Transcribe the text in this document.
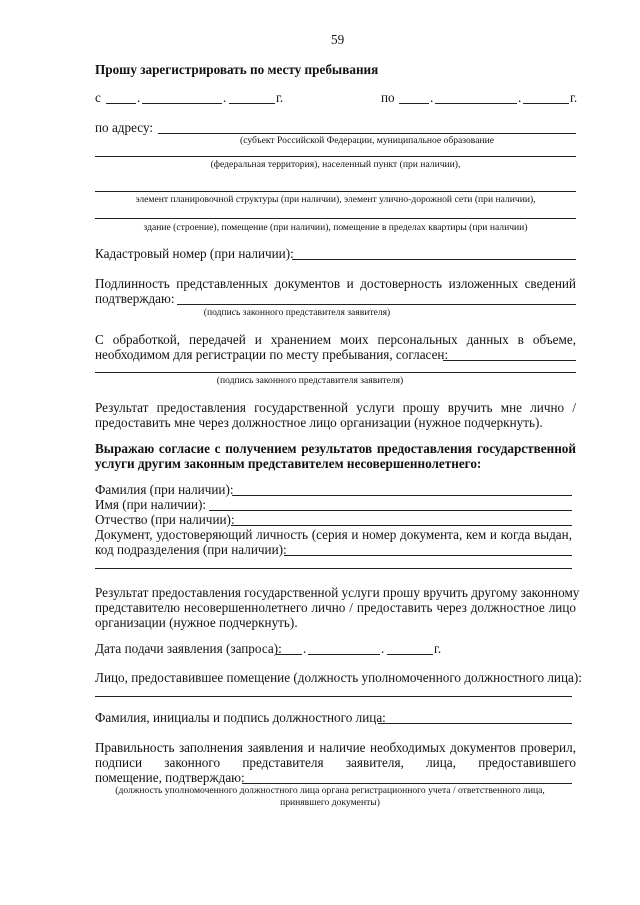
59
Прошу зарегистрировать по месту пребывания
с	.	.	г.	по	.	.	г.
по адресу:
(субъект Российской Федерации, муниципальное образование
(федеральная территория), населенный пункт (при наличии),
элемент планировочной структуры (при наличии), элемент улично-дорожной сети (при наличии),
здание (строение), помещение (при наличии), помещение в пределах квартиры (при наличии)
Кадастровый номер (при наличии):
Подлинность представленных документов и достоверность изложенных сведений
подтверждаю:
(подпись законного представителя заявителя)
С обработкой, передачей и хранением моих персональных данных в объеме,
необходимом для регистрации по месту пребывания, согласен:
(подпись законного представителя заявителя)
Результат предоставления государственной услуги прошу вручить мне лично /
предоставить мне через должностное лицо организации (нужное подчеркнуть).
Выражаю согласие с получением результатов предоставления государственной
услуги другим законным представителем несовершеннолетнего:
Фамилия (при наличии):
Имя (при наличии):
Отчество (при наличии):
Документ, удостоверяющий личность (серия и номер документа, кем и когда выдан,
код подразделения (при наличии):
Результат предоставления государственной услуги прошу вручить другому законному
представителю несовершеннолетнего лично / предоставить через должностное лицо
организации (нужное подчеркнуть).
Дата подачи заявления (запроса): .	.	г.
Лицо, предоставившее помещение (должность уполномоченного должностного лица):
Фамилия, инициалы и подпись должностного лица:
Правильность заполнения заявления и наличие необходимых документов проверил,
подписи законного представителя заявителя, лица, предоставившего
помещение, подтверждаю:
(должность уполномоченного должностного лица органа регистрационного учета / ответственного лица,
принявшего документы)
